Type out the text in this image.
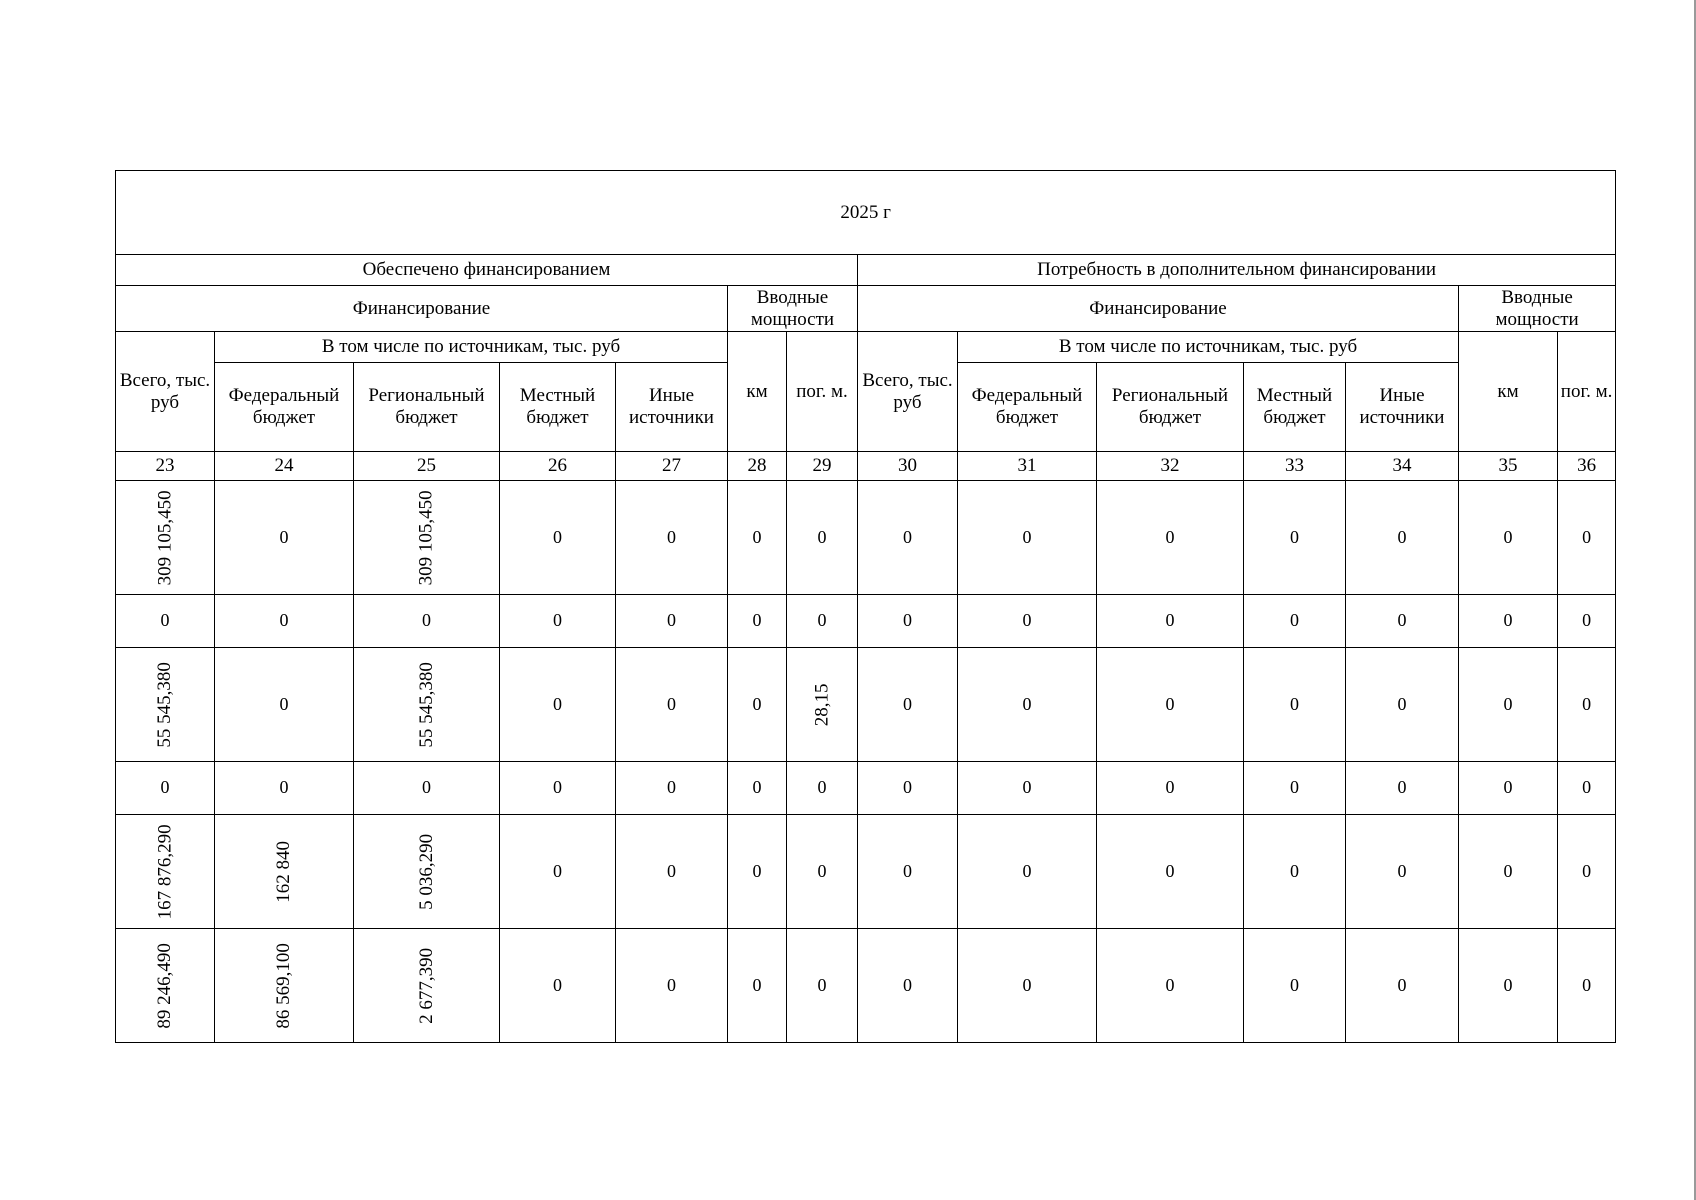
2025 г													
Обеспечено финансированием							Потребность в дополнительном финансировании						
Финансирование					Вводные мощности		Финансирование					Вводные мощности	
Всего, тыс. руб	В том числе по источникам, тыс. руб				км	пог. м.	Всего, тыс. руб	В том числе по источникам, тыс. руб				км	пог. м.
	Федеральный бюджет	Региональный бюджет	Местный бюджет	Иные источники				Федеральный бюджет	Региональный бюджет	Местный бюджет	Иные источники		
23	24	25	26	27	28	29	30	31	32	33	34	35	36
309 105,450	0	309 105,450	0	0	0	0	0	0	0	0	0	0	0
0	0	0	0	0	0	0	0	0	0	0	0	0	0
55 545,380	0	55 545,380	0	0	0	28,15	0	0	0	0	0	0	0
0	0	0	0	0	0	0	0	0	0	0	0	0	0
167 876,290	162 840	5 036,290	0	0	0	0	0	0	0	0	0	0	0
89 246,490	86 569,100	2 677,390	0	0	0	0	0	0	0	0	0	0	0
